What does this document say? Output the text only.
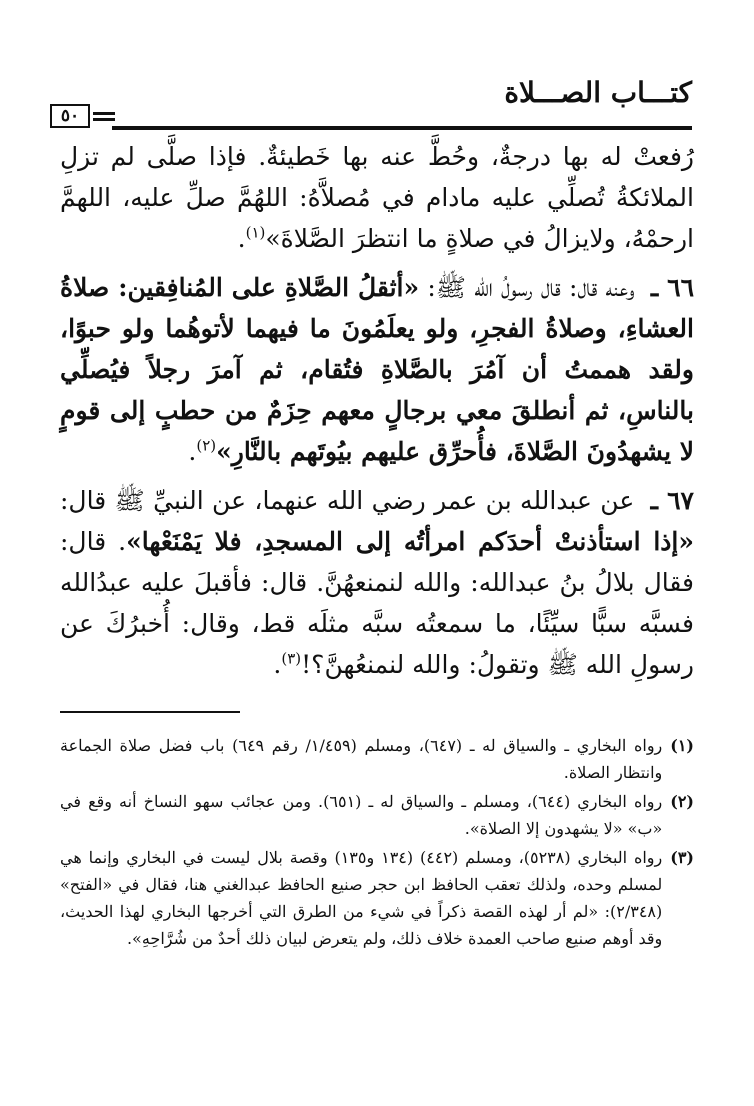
كتـــاب الصـــلاة
٥٠

رُفعتْ له بها درجةٌ، وحُطَّ عنه بها خَطيئةٌ. فإذا صلَّى لم تزلِ الملائكةُ تُصلِّي عليه مادام في مُصلاَّهُ: اللهُمَّ صلِّ عليه، اللهمَّ ارحمْهُ، ولايزالُ في صلاةٍ ما انتظرَ الصَّلاةَ»$^{(١)}$.

٦٦ ـ وعنه قال: قال رسولُ الله ﷺ: «أثقلُ الصَّلاةِ على المُنافِقين: صلاةُ العشاءِ، وصلاةُ الفجرِ، ولو يعلَمُونَ ما فيهما لأتوهُما ولو حبوًا، ولقد هممتُ أن آمُرَ بالصَّلاةِ فتُقام، ثم آمرَ رجلاً فيُصلِّي بالناسِ، ثم أنطلقَ معي برجالٍ معهم حِزَمٌ من حطبٍ إلى قومٍ لا يشهدُونَ الصَّلاةَ، فأُحرِّق عليهم بيُوتَهم بالنَّارِ»$^{(٢)}$.

٦٧ ـ عن عبدالله بن عمر رضي الله عنهما، عن النبيِّ ﷺ قال: «إذا استأذنتْ أحدَكم امرأتُه إلى المسجدِ، فلا يَمْنَعْها». قال: فقال بلالُ بنُ عبدالله: والله لنمنعهُنَّ. قال: فأقبلَ عليه عبدُالله فسبَّه سبًّا سيِّئًا، ما سمعتُه سبَّه مثلَه قط، وقال: أُخبرُكَ عن رسولِ الله ﷺ وتقولُ: والله لنمنعُهنَّ؟!$^{(٣)}$.

(١)
رواه البخاري ـ والسياق له ـ (٦٤٧)، ومسلم (١/٤٥٩/ رقم ٦٤٩) باب فضل صلاة الجماعة وانتظار الصلاة.
(٢)
رواه البخاري (٦٤٤)، ومسلم ـ والسياق له ـ (٦٥١). ومن عجائب سهو النساخ أنه وقع في «ب» «لا يشهدون إلا الصلاة».
(٣)
رواه البخاري (٥٢٣٨)، ومسلم (٤٤٢) (١٣٤ و١٣٥) وقصة بلال ليست في البخاري وإنما هي لمسلم وحده، ولذلك تعقب الحافظ ابن حجر صنيع الحافظ عبدالغني هنا، فقال في «الفتح» (٢/٣٤٨): «لم أر لهذه القصة ذكراً في شيء من الطرق التي أخرجها البخاري لهذا الحديث، وقد أوهم صنيع صاحب العمدة خلاف ذلك، ولم يتعرض لبيان ذلك أحدٌ من شُرَّاحِهِ».
